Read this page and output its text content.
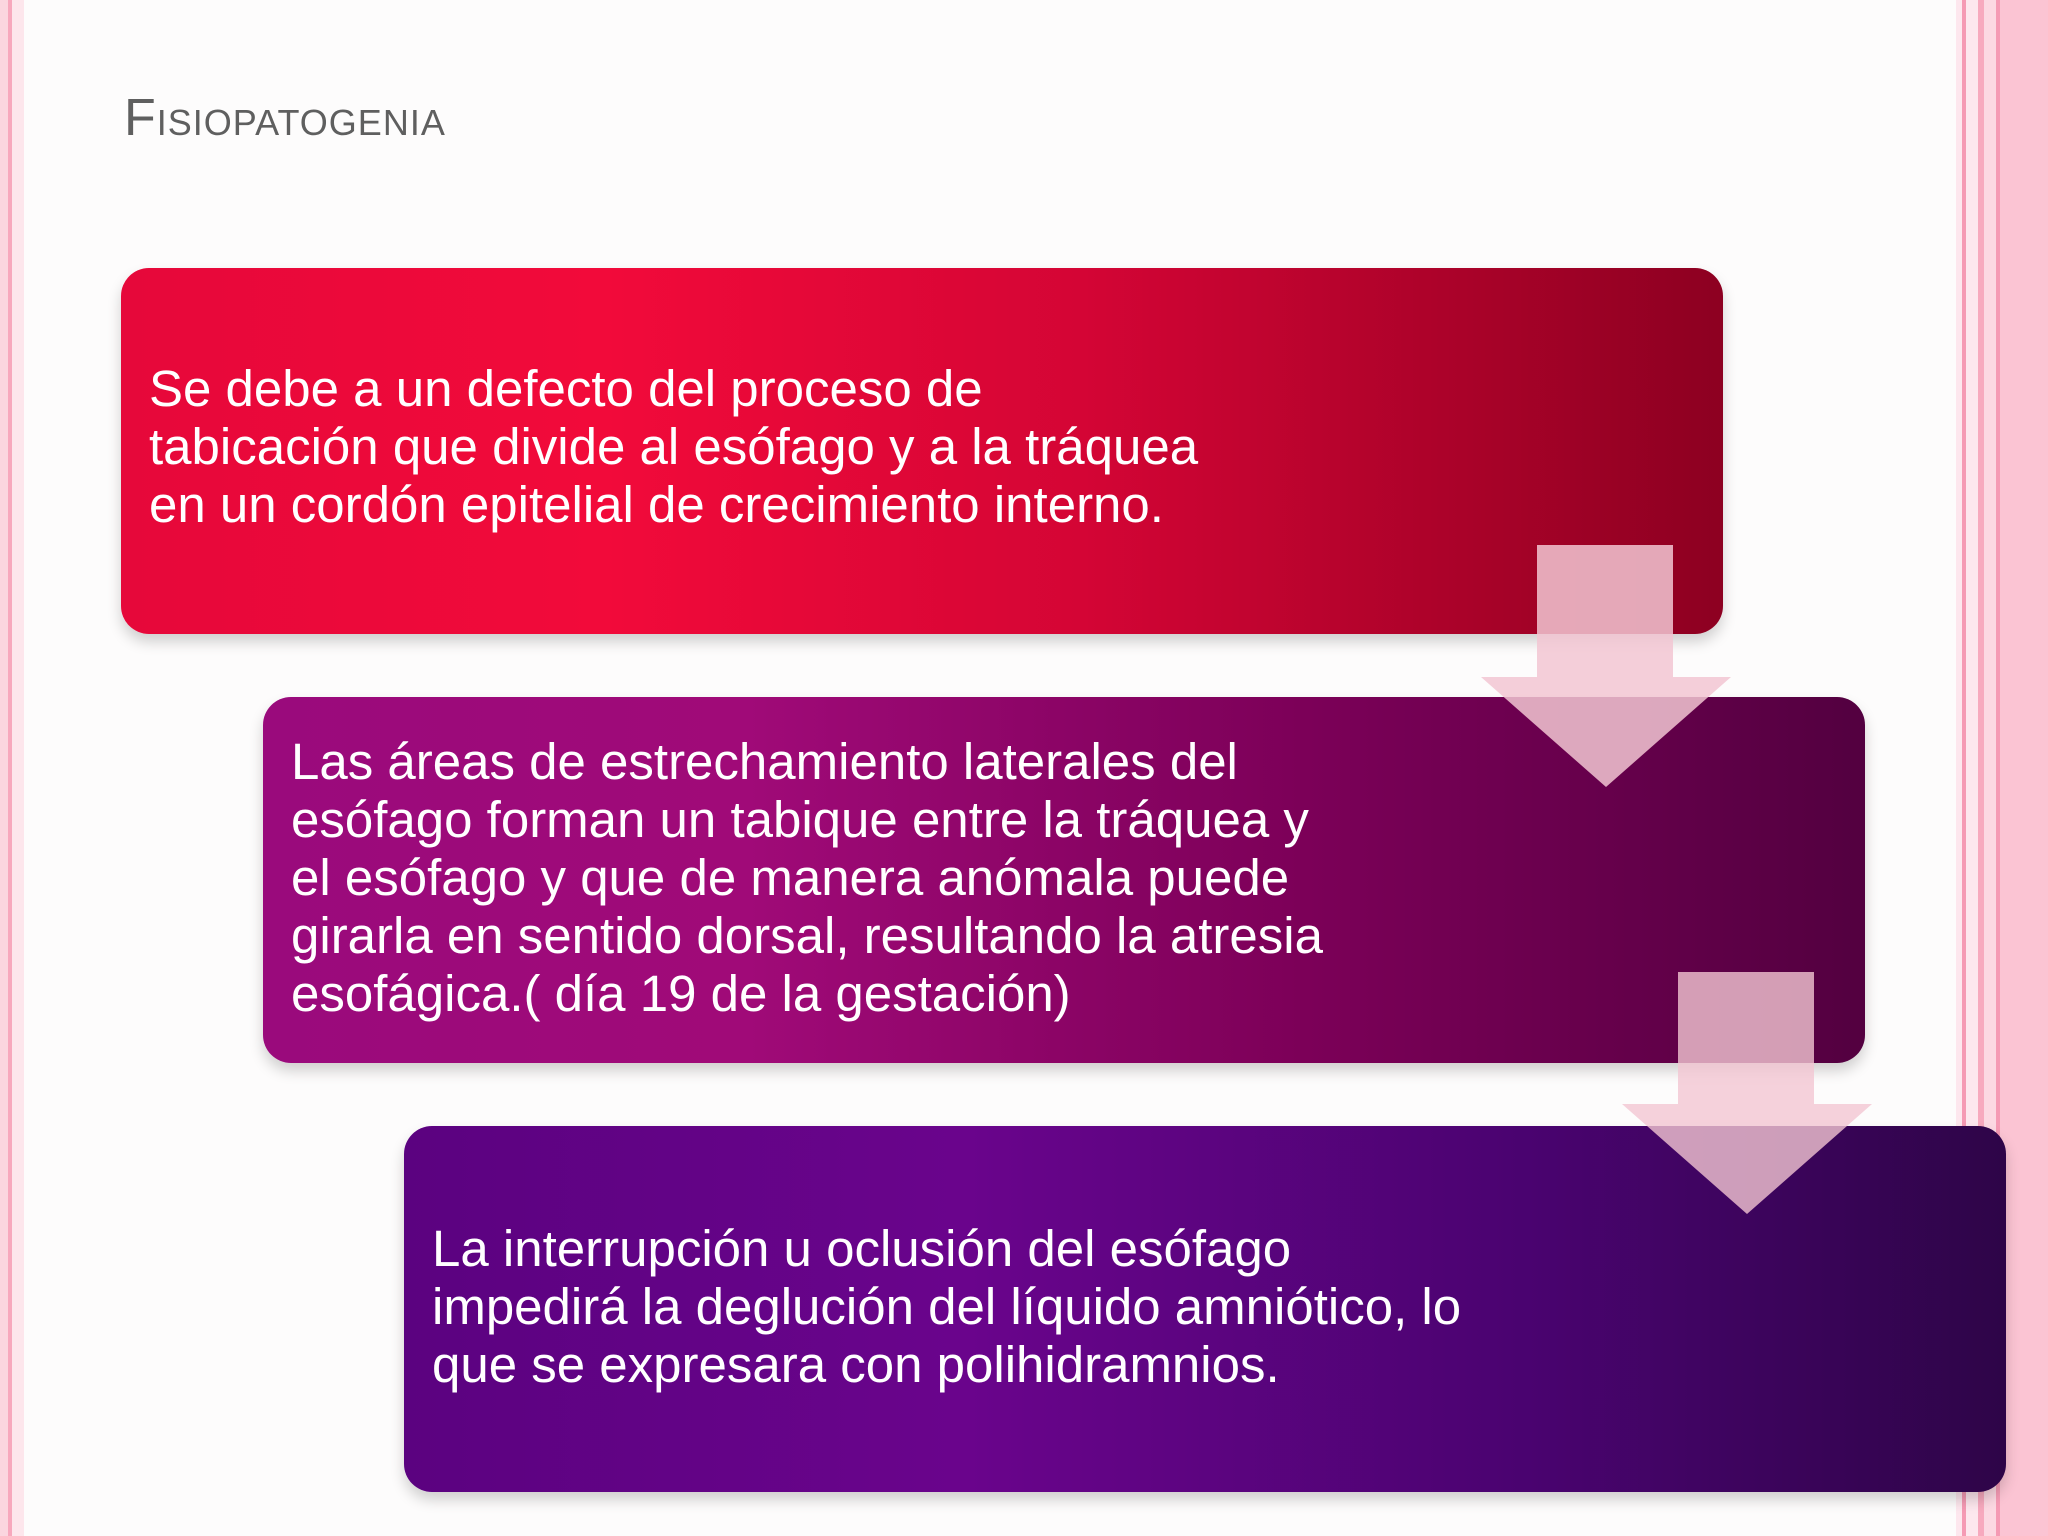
Fisiopatogenia
Se debe a un defecto del proceso de
tabicación que divide al esófago y a la tráquea
en un cordón epitelial de crecimiento interno.
Las áreas de estrechamiento laterales del
esófago forman un tabique entre la tráquea y
el esófago y que de manera anómala puede
girarla en sentido dorsal, resultando la atresia
esofágica.( día 19 de la gestación)
La interrupción u oclusión del esófago
impedirá la deglución del líquido amniótico, lo
que se expresara con polihidramnios.
